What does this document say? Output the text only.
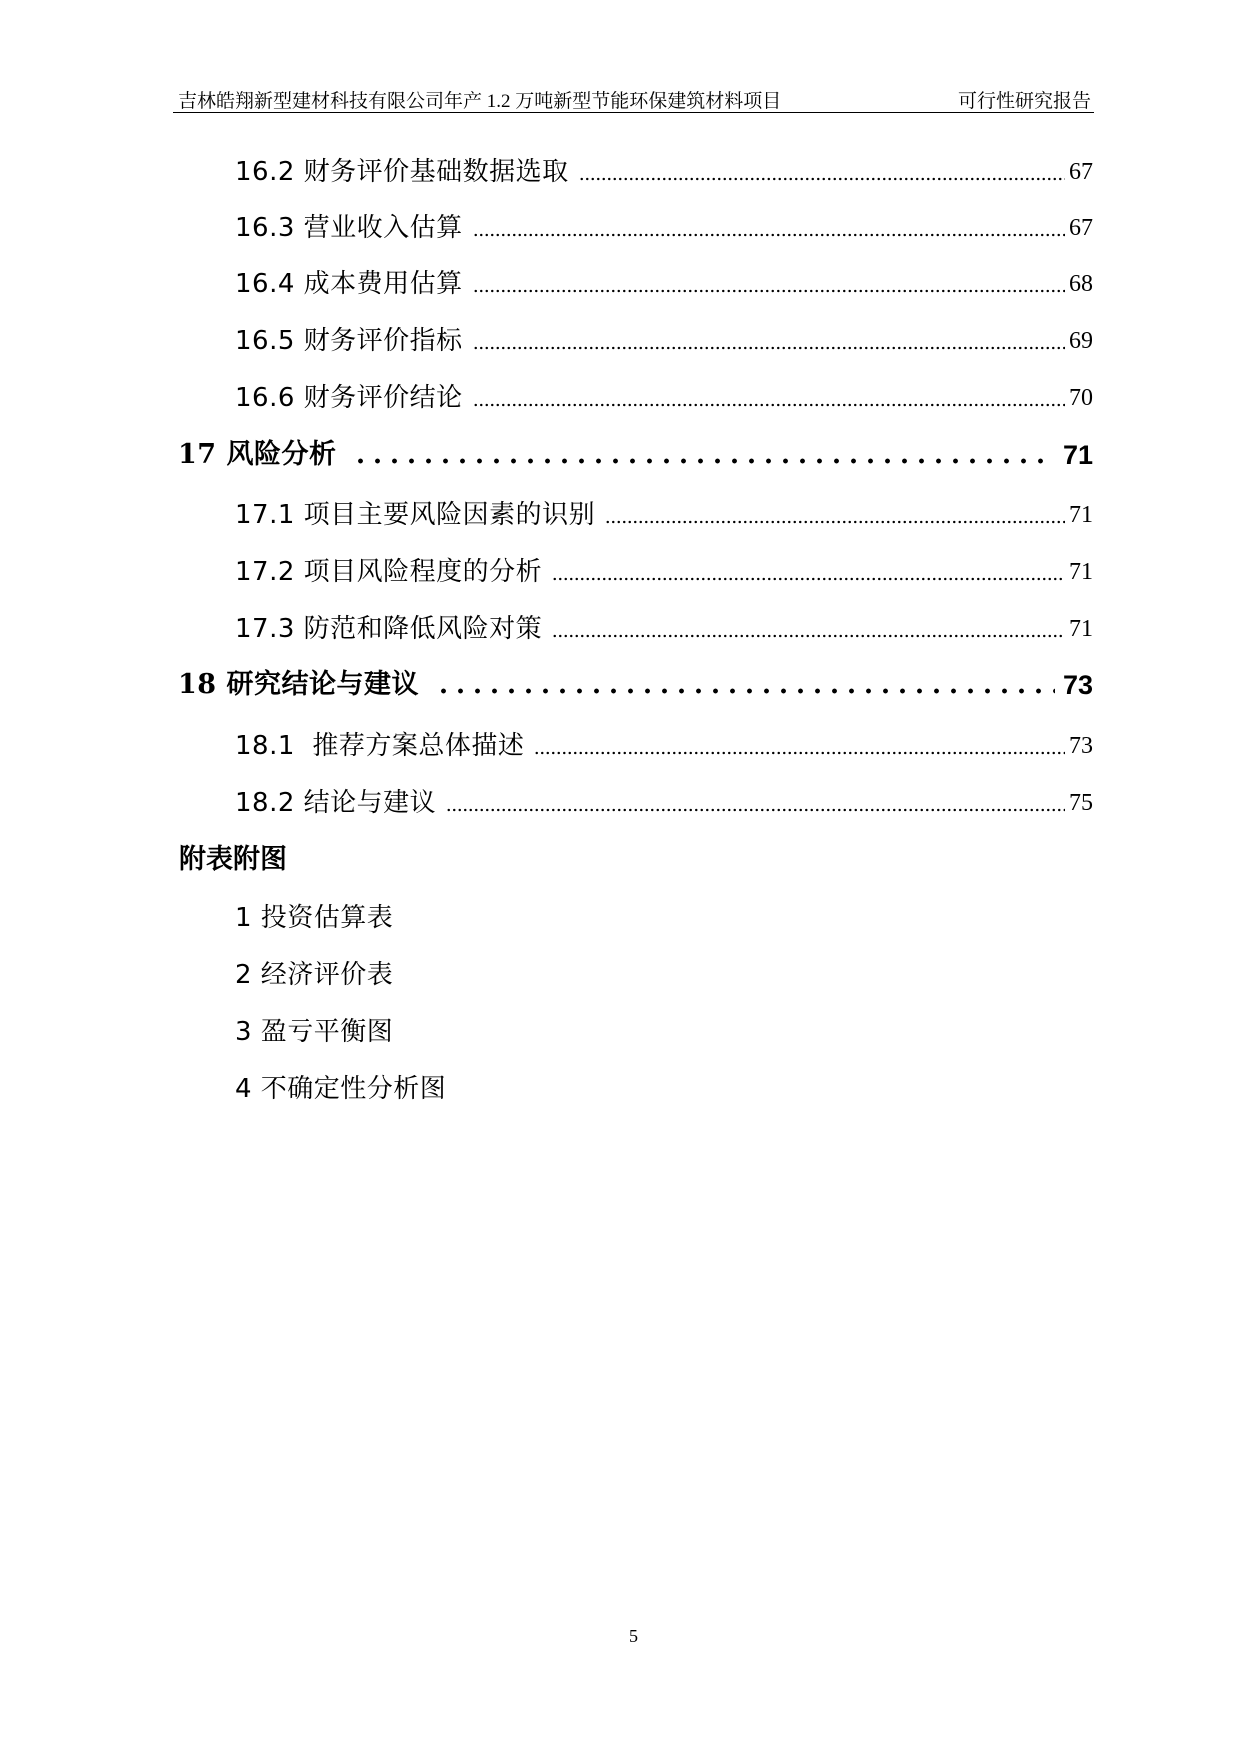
吉林皓翔新型建材科技有限公司年产 1.2 万吨新型节能环保建筑材料项目	可行性研究报告
16.2 财务评价基础数据选取	67
16.3 营业收入估算	67
16.4 成本费用估算	68
16.5 财务评价指标	69
16.6 财务评价结论	70
17 风险分析	71
17.1 项目主要风险因素的识别	71
17.2 项目风险程度的分析	71
17.3 防范和降低风险对策	71
18 研究结论与建议	73
18.1  推荐方案总体描述	73
18.2 结论与建议	75
附表附图
1 投资估算表
2 经济评价表
3 盈亏平衡图
4 不确定性分析图
5
